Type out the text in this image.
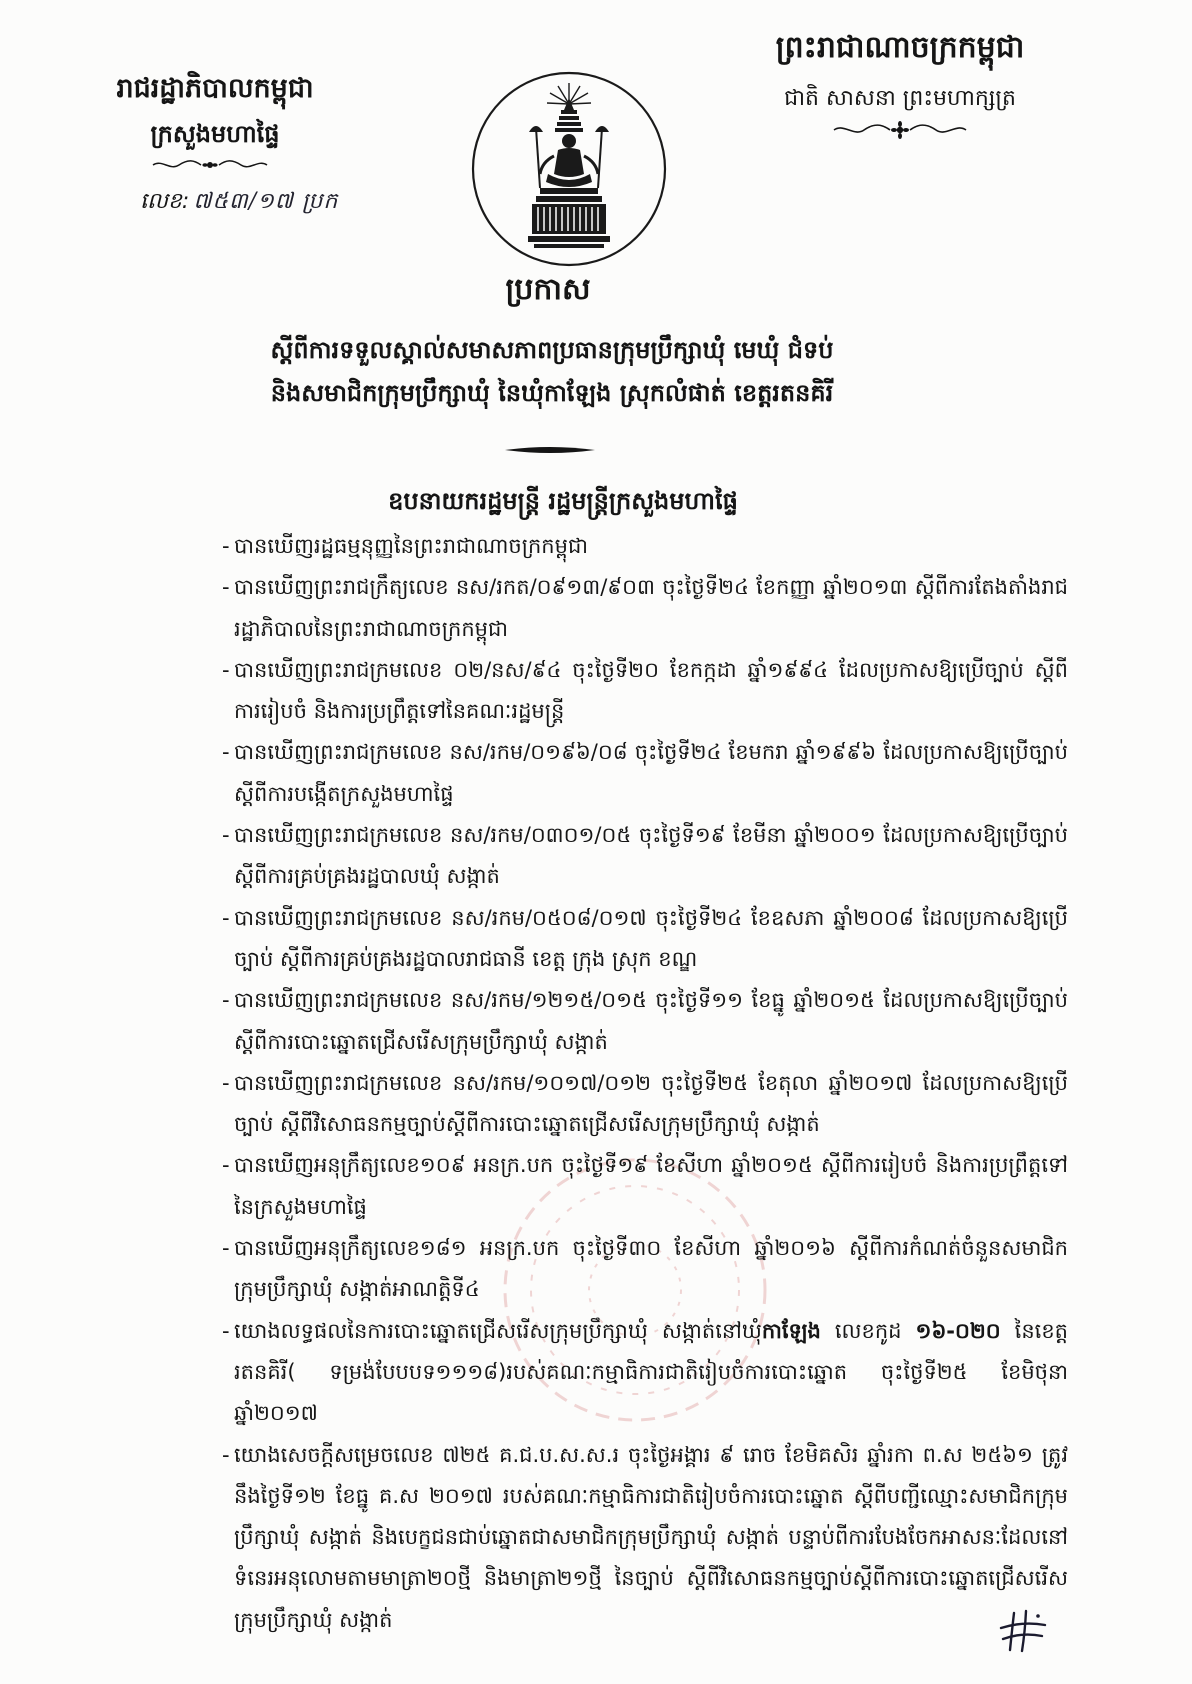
ព្រះរាជាណាចក្រកម្ពុជា
ជាតិ សាសនា ព្រះមហាក្សត្រ
រាជរដ្ឋាភិបាលកម្ពុជា
ក្រសួងមហាផ្ទៃ
លេខ: ៧៥៣/១៧ ប្រក
ប្រកាស
ស្តីពីការទទួលស្គាល់សមាសភាពប្រធានក្រុមប្រឹក្សាឃុំ មេឃុំ ជំទប់
និងសមាជិកក្រុមប្រឹក្សាឃុំ នៃឃុំកាឡែង ស្រុកលំផាត់ ខេត្តរតនគិរី
ឧបនាយករដ្ឋមន្ត្រី រដ្ឋមន្ត្រីក្រសួងមហាផ្ទៃ
- បានឃើញរដ្ឋធម្មនុញ្ញនៃព្រះរាជាណាចក្រកម្ពុជា
- បានឃើញព្រះរាជក្រឹត្យលេខ នស/រកត/០៩១៣/៩០៣ ចុះថ្ងៃទី២៤ ខែកញ្ញា ឆ្នាំ២០១៣ ស្តីពីការតែងតាំងរាជរដ្ឋាភិបាលនៃព្រះរាជាណាចក្រកម្ពុជា
- បានឃើញព្រះរាជក្រមលេខ ០២/នស/៩៤ ចុះថ្ងៃទី២០ ខែកក្កដា ឆ្នាំ១៩៩៤ ដែលប្រកាសឱ្យប្រើច្បាប់ ស្តីពីការរៀបចំ និងការប្រព្រឹត្តទៅនៃគណៈរដ្ឋមន្ត្រី
- បានឃើញព្រះរាជក្រមលេខ នស/រកម/០១៩៦/០៨ ចុះថ្ងៃទី២៤ ខែមករា ឆ្នាំ១៩៩៦ ដែលប្រកាសឱ្យប្រើច្បាប់ ស្តីពីការបង្កើតក្រសួងមហាផ្ទៃ
- បានឃើញព្រះរាជក្រមលេខ នស/រកម/០៣០១/០៥ ចុះថ្ងៃទី១៩ ខែមីនា ឆ្នាំ២០០១ ដែលប្រកាសឱ្យប្រើច្បាប់ ស្តីពីការគ្រប់គ្រងរដ្ឋបាលឃុំ សង្កាត់
- បានឃើញព្រះរាជក្រមលេខ នស/រកម/០៥០៨/០១៧ ចុះថ្ងៃទី២៤ ខែឧសភា ឆ្នាំ២០០៨ ដែលប្រកាសឱ្យប្រើច្បាប់ ស្តីពីការគ្រប់គ្រងរដ្ឋបាលរាជធានី ខេត្ត ក្រុង ស្រុក ខណ្ឌ
- បានឃើញព្រះរាជក្រមលេខ នស/រកម/១២១៥/០១៥ ចុះថ្ងៃទី១១ ខែធ្នូ ឆ្នាំ២០១៥ ដែលប្រកាសឱ្យប្រើច្បាប់ ស្តីពីការបោះឆ្នោតជ្រើសរើសក្រុមប្រឹក្សាឃុំ សង្កាត់
- បានឃើញព្រះរាជក្រមលេខ នស/រកម/១០១៧/០១២ ចុះថ្ងៃទី២៥ ខែតុលា ឆ្នាំ២០១៧ ដែលប្រកាសឱ្យប្រើច្បាប់ ស្តីពីវិសោធនកម្មច្បាប់ស្តីពីការបោះឆ្នោតជ្រើសរើសក្រុមប្រឹក្សាឃុំ សង្កាត់
- បានឃើញអនុក្រឹត្យលេខ១០៩ អនក្រ.បក ចុះថ្ងៃទី១៩ ខែសីហា ឆ្នាំ២០១៥ ស្តីពីការរៀបចំ និងការប្រព្រឹត្តទៅនៃក្រសួងមហាផ្ទៃ
- បានឃើញអនុក្រឹត្យលេខ១៨១ អនក្រ.បក ចុះថ្ងៃទី៣០ ខែសីហា ឆ្នាំ២០១៦ ស្តីពីការកំណត់ចំនួនសមាជិកក្រុមប្រឹក្សាឃុំ សង្កាត់អាណត្តិទី៤
- យោងលទ្ធផលនៃការបោះឆ្នោតជ្រើសរើសក្រុមប្រឹក្សាឃុំ សង្កាត់នៅឃុំកាឡែង លេខកូដ ១៦-០២០ នៃខេត្តរតនគិរី( ទម្រង់បែបបទ១១១៨)របស់គណៈកម្មាធិការជាតិរៀបចំការបោះឆ្នោត ចុះថ្ងៃទី២៥ ខែមិថុនា ឆ្នាំ២០១៧
- យោងសេចក្តីសម្រេចលេខ ៧២៥ គ.ជ.ប.ស.ស.រ ចុះថ្ងៃអង្គារ ៩ រោច ខែមិគសិរ ឆ្នាំរកា ព.ស ២៥៦១ ត្រូវនឹងថ្ងៃទី១២ ខែធ្នូ គ.ស ២០១៧ របស់គណៈកម្មាធិការជាតិរៀបចំការបោះឆ្នោត ស្តីពីបញ្ជីឈ្មោះសមាជិកក្រុមប្រឹក្សាឃុំ សង្កាត់ និងបេក្ខជនជាប់ឆ្នោតជាសមាជិកក្រុមប្រឹក្សាឃុំ សង្កាត់ បន្ទាប់ពីការបែងចែកអាសនៈដែលនៅទំនេរអនុលោមតាមមាត្រា២០ថ្មី និងមាត្រា២១ថ្មី នៃច្បាប់ ស្តីពីវិសោធនកម្មច្បាប់ស្តីពីការបោះឆ្នោតជ្រើសរើសក្រុមប្រឹក្សាឃុំ សង្កាត់
